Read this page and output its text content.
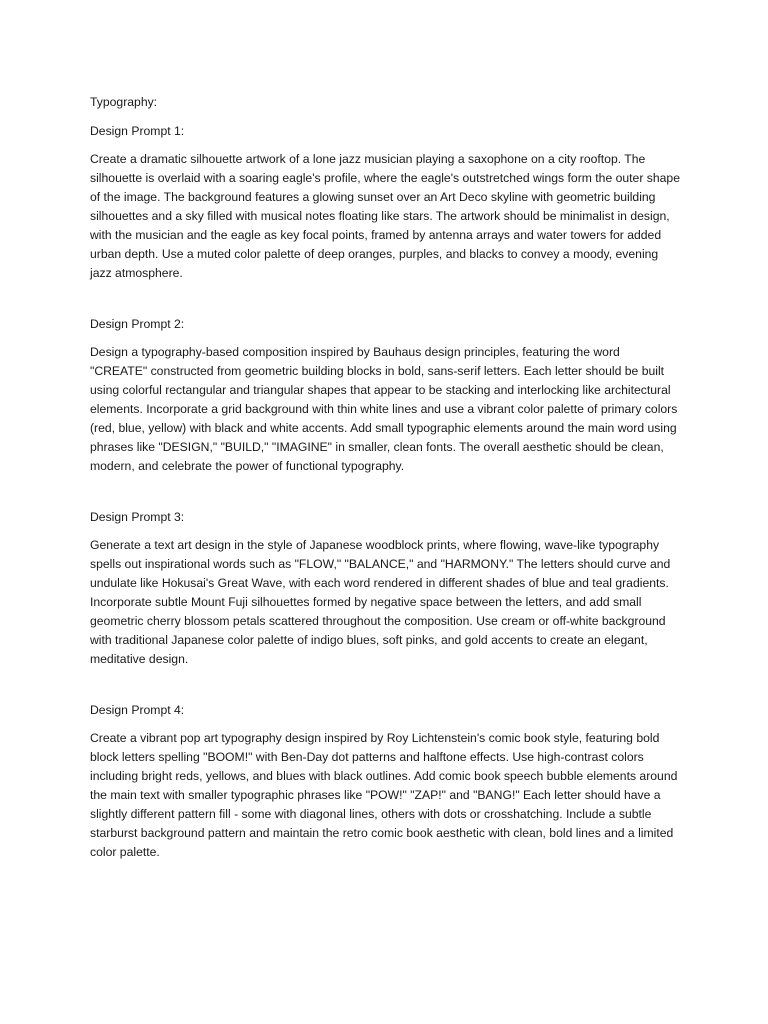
Typography:

Design Prompt 1:

Create a dramatic silhouette artwork of a lone jazz musician playing a saxophone on a city rooftop. The silhouette is overlaid with a soaring eagle's profile, where the eagle's outstretched wings form the outer shape of the image. The background features a glowing sunset over an Art Deco skyline with geometric building silhouettes and a sky filled with musical notes floating like stars. The artwork should be minimalist in design, with the musician and the eagle as key focal points, framed by antenna arrays and water towers for added urban depth. Use a muted color palette of deep oranges, purples, and blacks to convey a moody, evening jazz atmosphere.

Design Prompt 2:

Design a typography-based composition inspired by Bauhaus design principles, featuring the word "CREATE" constructed from geometric building blocks in bold, sans-serif letters. Each letter should be built using colorful rectangular and triangular shapes that appear to be stacking and interlocking like architectural elements. Incorporate a grid background with thin white lines and use a vibrant color palette of primary colors (red, blue, yellow) with black and white accents. Add small typographic elements around the main word using phrases like "DESIGN," "BUILD," "IMAGINE" in smaller, clean fonts. The overall aesthetic should be clean, modern, and celebrate the power of functional typography.

Design Prompt 3:

Generate a text art design in the style of Japanese woodblock prints, where flowing, wave-like typography spells out inspirational words such as "FLOW," "BALANCE," and "HARMONY." The letters should curve and undulate like Hokusai's Great Wave, with each word rendered in different shades of blue and teal gradients. Incorporate subtle Mount Fuji silhouettes formed by negative space between the letters, and add small geometric cherry blossom petals scattered throughout the composition. Use cream or off-white background with traditional Japanese color palette of indigo blues, soft pinks, and gold accents to create an elegant, meditative design.

Design Prompt 4:

Create a vibrant pop art typography design inspired by Roy Lichtenstein's comic book style, featuring bold block letters spelling "BOOM!" with Ben-Day dot patterns and halftone effects. Use high-contrast colors including bright reds, yellows, and blues with black outlines. Add comic book speech bubble elements around the main text with smaller typographic phrases like "POW!" "ZAP!" and "BANG!" Each letter should have a slightly different pattern fill - some with diagonal lines, others with dots or crosshatching. Include a subtle starburst background pattern and maintain the retro comic book aesthetic with clean, bold lines and a limited color palette.
